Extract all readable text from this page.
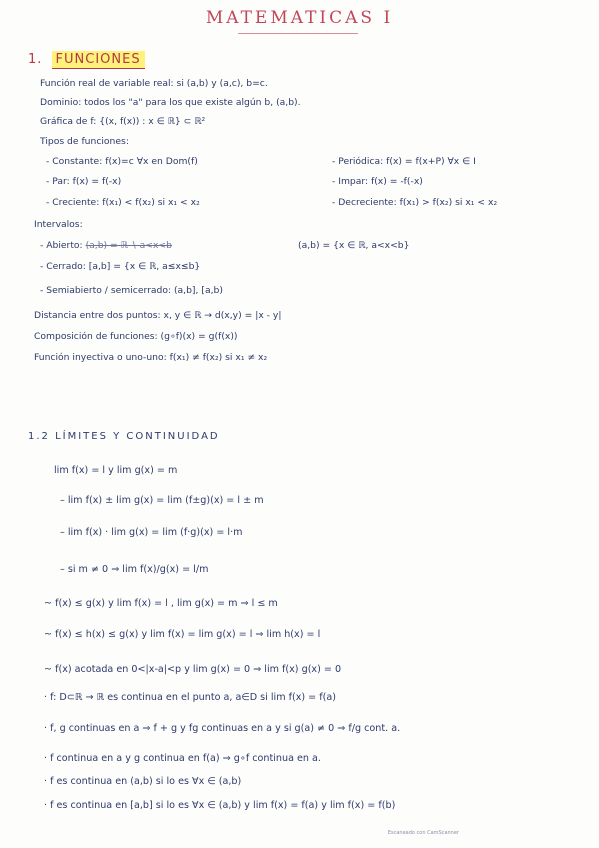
MATEMATICAS I
1. FUNCIONES
Función real de variable real: si (a,b) y (a,c), b=c.
Dominio: todos los "a" para los que existe algún b, (a,b).
Gráfica de f: {(x, f(x)) : x ∈ ℝ} ⊂ ℝ²
Tipos de funciones:
- Constante: f(x)=c ∀x en Dom(f)
- Par: f(x) = f(-x)
- Creciente: f(x₁) < f(x₂) si x₁ < x₂
- Periódica: f(x) = f(x+P) ∀x ∈ I
- Impar: f(x) = -f(-x)
- Decreciente: f(x₁) > f(x₂) si x₁ < x₂
Intervalos:
- Abierto: (a,b) = ℝ ∖ a<x<b	(a,b) = {x ∈ ℝ, a<x<b}
- Cerrado: [a,b] = {x ∈ ℝ, a≤x≤b}
- Semiabierto / semicerrado: (a,b], [a,b)
Distancia entre dos puntos: x, y ∈ ℝ → d(x,y) = |x - y|
Composición de funciones: (g∘f)(x) = g(f(x))
Función inyectiva o uno-uno: f(x₁) ≠ f(x₂) si x₁ ≠ x₂
1.2 LÍMITES Y CONTINUIDAD
lim f(x) = l y lim g(x) = m
– lim f(x) ± lim g(x) = lim (f±g)(x) = l ± m
– lim f(x) · lim g(x) = lim (f·g)(x) = l·m
– si m ≠ 0 ⇒ lim f(x)/g(x) = l/m
~ f(x) ≤ g(x) y lim f(x) = l , lim g(x) = m ⇒ l ≤ m
~ f(x) ≤ h(x) ≤ g(x) y lim f(x) = lim g(x) = l ⇒ lim h(x) = l
~ f(x) acotada en 0<|x-a|<p y lim g(x) = 0 ⇒ lim f(x) g(x) = 0
· f: D⊂ℝ → ℝ es continua en el punto a, a∈D si lim f(x) = f(a)
· f, g continuas en a ⇒ f + g y fg continuas en a y si g(a) ≠ 0 ⇒ f/g cont. a.
· f continua en a y g continua en f(a) ⇒ g∘f continua en a.
· f es continua en (a,b) si lo es ∀x ∈ (a,b)
· f es continua en [a,b] si lo es ∀x ∈ (a,b) y lim f(x) = f(a) y lim f(x) = f(b)
Escaneado con CamScanner
